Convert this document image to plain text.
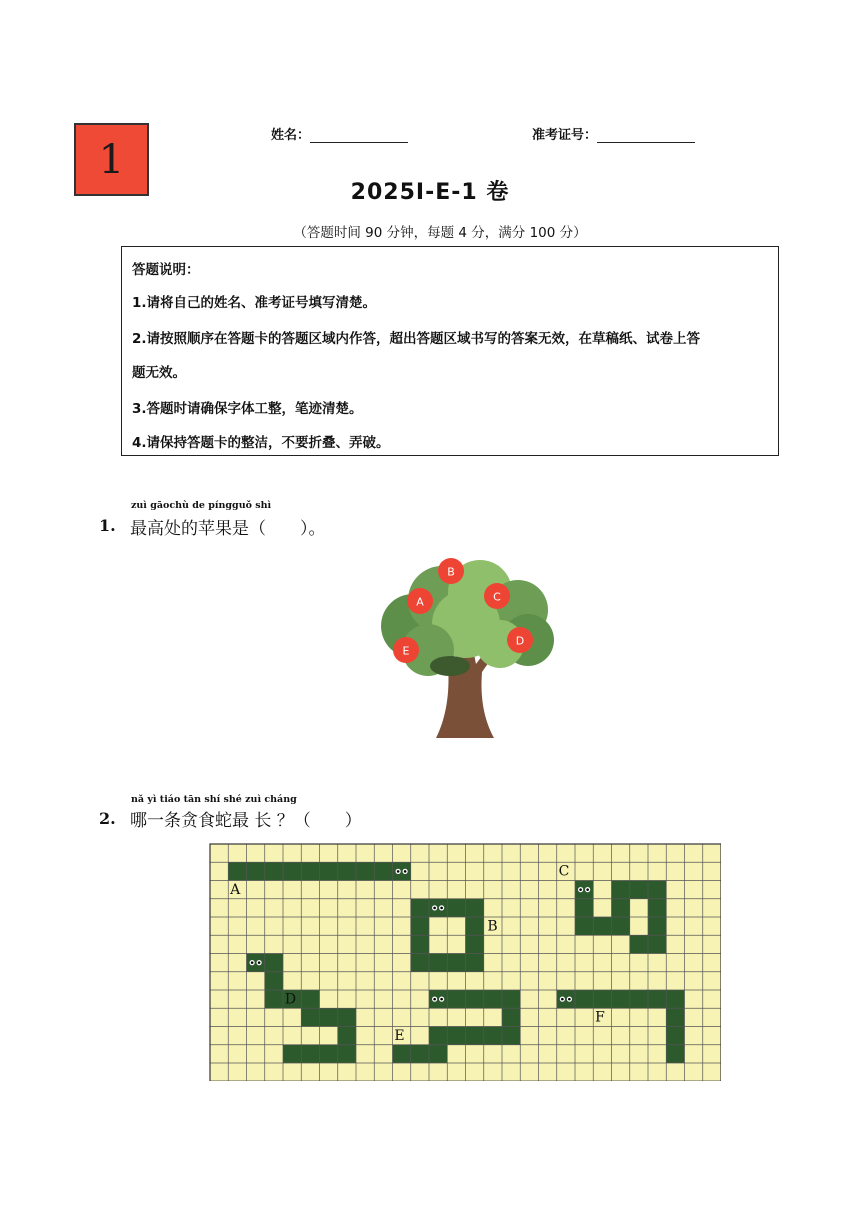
1
姓名：	准考证号：
2025I-E-1 卷
（答题时间 90 分钟，每题 4 分，满分 100 分）
答题说明：
1.请将自己的姓名、准考证号填写清楚。
2.请按照顺序在答题卡的答题区域内作答，超出答题区域书写的答案无效，在草稿纸、试卷上答
题无效。
3.答题时请确保字体工整，笔迹清楚。
4.请保持答题卡的整洁，不要折叠、弄破。
zuì gāochù de píngguǒ shì
1. 最高处的苹果是（　　）。
A
B
C
D
E
nǎ yì tiáo tān shí shé zuì cháng
2. 哪一条贪食蛇最 长 ？（　　）
A
B
C
D
E
F
